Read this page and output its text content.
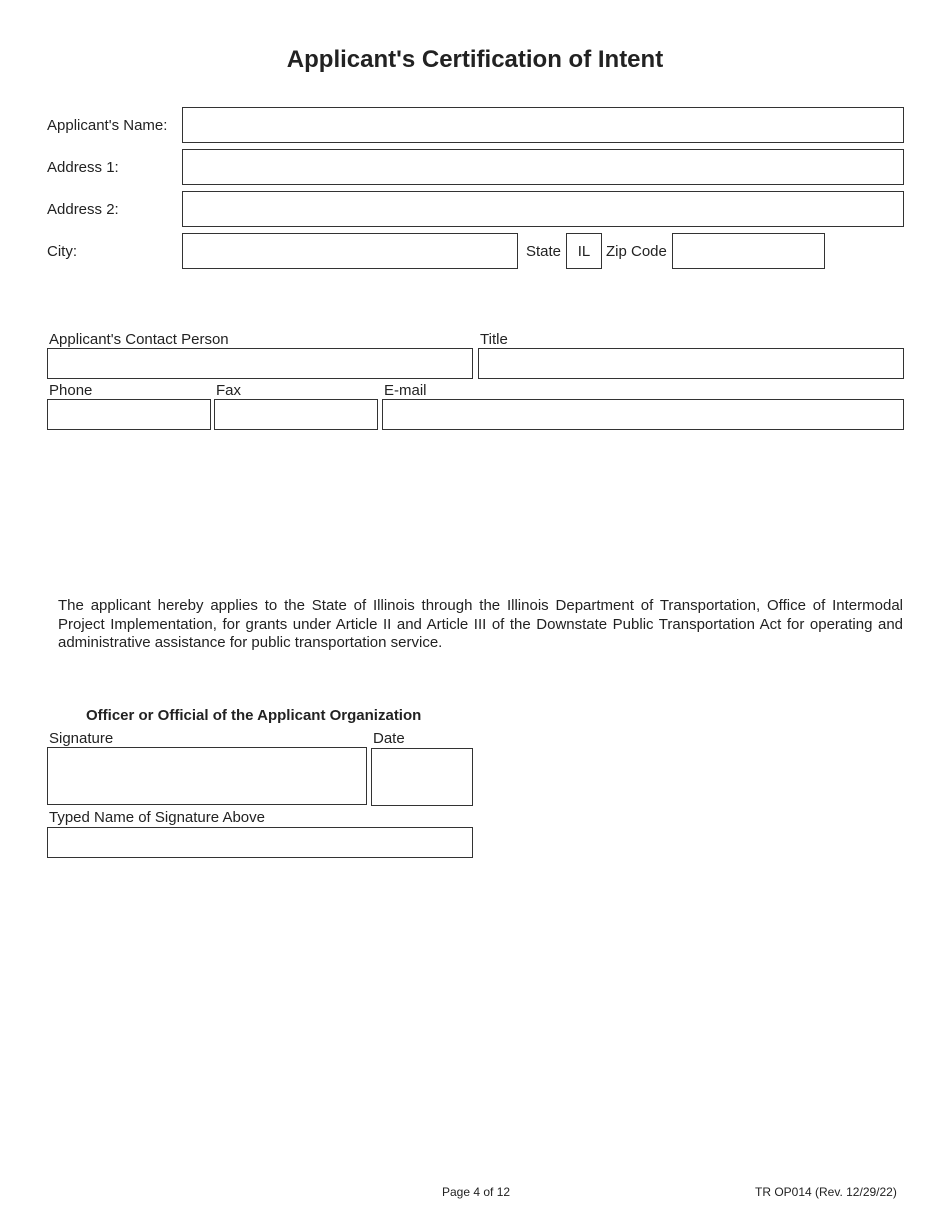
Applicant's Certification of Intent
Applicant's Name:
Address 1:
Address 2:
City:	State	IL	Zip Code
Applicant's Contact Person	Title
Phone	Fax	E-mail
The applicant hereby applies to the State of Illinois through the Illinois Department of Transportation, Office of Intermodal Project Implementation, for grants under Article II and Article III of the Downstate Public Transportation Act for operating and administrative assistance for public transportation service.
Officer or Official of the Applicant Organization
Signature	Date
Typed Name of Signature Above
Page 4 of 12	TR OP014 (Rev. 12/29/22)
